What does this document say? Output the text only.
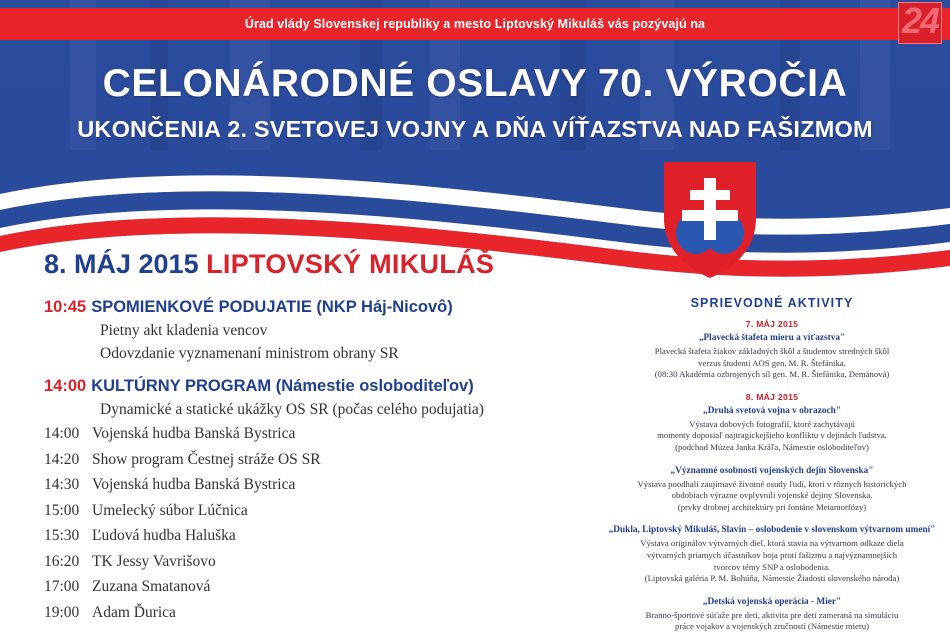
Úrad vlády Slovenskej republiky a mesto Liptovský Mikuláš vás pozývajú na	24
CELONÁRODNÉ OSLAVY 70. VÝROČIA
UKONČENIA 2. SVETOVEJ VOJNY A DŇA VÍŤAZSTVA NAD FAŠIZMOM
8. MÁJ 2015 LIPTOVSKÝ MIKULÁŠ
10:45 SPOMIENKOVÉ PODUJATIE (NKP Háj-Nicovô)
Pietny akt kladenia vencov
Odovzdanie vyznamenaní ministrom obrany SR
14:00 KULTÚRNY PROGRAM (Námestie osloboditeľov)
Dynamické a statické ukážky OS SR (počas celého podujatia)
14:00 Vojenská hudba Banská Bystrica
14:20 Show program Čestnej stráže OS SR
14:30 Vojenská hudba Banská Bystrica
15:00 Umelecký súbor Lúčnica
15:30 Ľudová hudba Haluška
16:20 TK Jessy Vavrišovo
17:00 Zuzana Smatanová
19:00 Adam Ďurica
SPRIEVODNÉ AKTIVITY
7. MÁJ 2015
„Plavecká štafeta mieru a víťazstva"
Plavecká štafeta žiakov základných škôl a študentov stredných škôl
verzus študenti AOS gen. M. R. Štefánika.
(08:30 Akadémia ozbrojených síl gen. M. R. Štefánika, Demänová)
8. MÁJ 2015
„Druhá svetová vojna v obrazoch"
Výstava dobových fotografií, ktoré zachytávajú
momenty doposiaľ najtragickejšieho konfliktu v dejinách ľudstva.
(podchod Múzea Janka Kráľa, Námestie osloboditeľov)
„Významné osobnosti vojenských dejín Slovenska"
Výstava poodhalí zaujímavé životné osudy ľudí, ktorí v rôznych historických
obdobiach výrazne ovplyvnili vojenské dejiny Slovenska.
(prvky drobnej architektúry pri fontáne Metamorfózy)
„Dukla, Liptovský Mikuláš, Slavín – oslobodenie v slovenskom výtvarnom umení"
Výstava originálov výtvarných diel, ktorá stavia na výtvarnom odkaze diela
výtvarných priamych účastníkov boja proti fašizmu a najvýznamnejších
tvorcov témy SNP a oslobodenia.
(Liptovská galéria P. M. Bohúňa, Námestie Žiadosti slovenského národa)
„Detská vojenská operácia - Mier"
Branno-športové súťaže pre deti, aktivita pre deti zameraná na simuláciu
práce vojakov a vojenských zručností (Námestie mieru)
